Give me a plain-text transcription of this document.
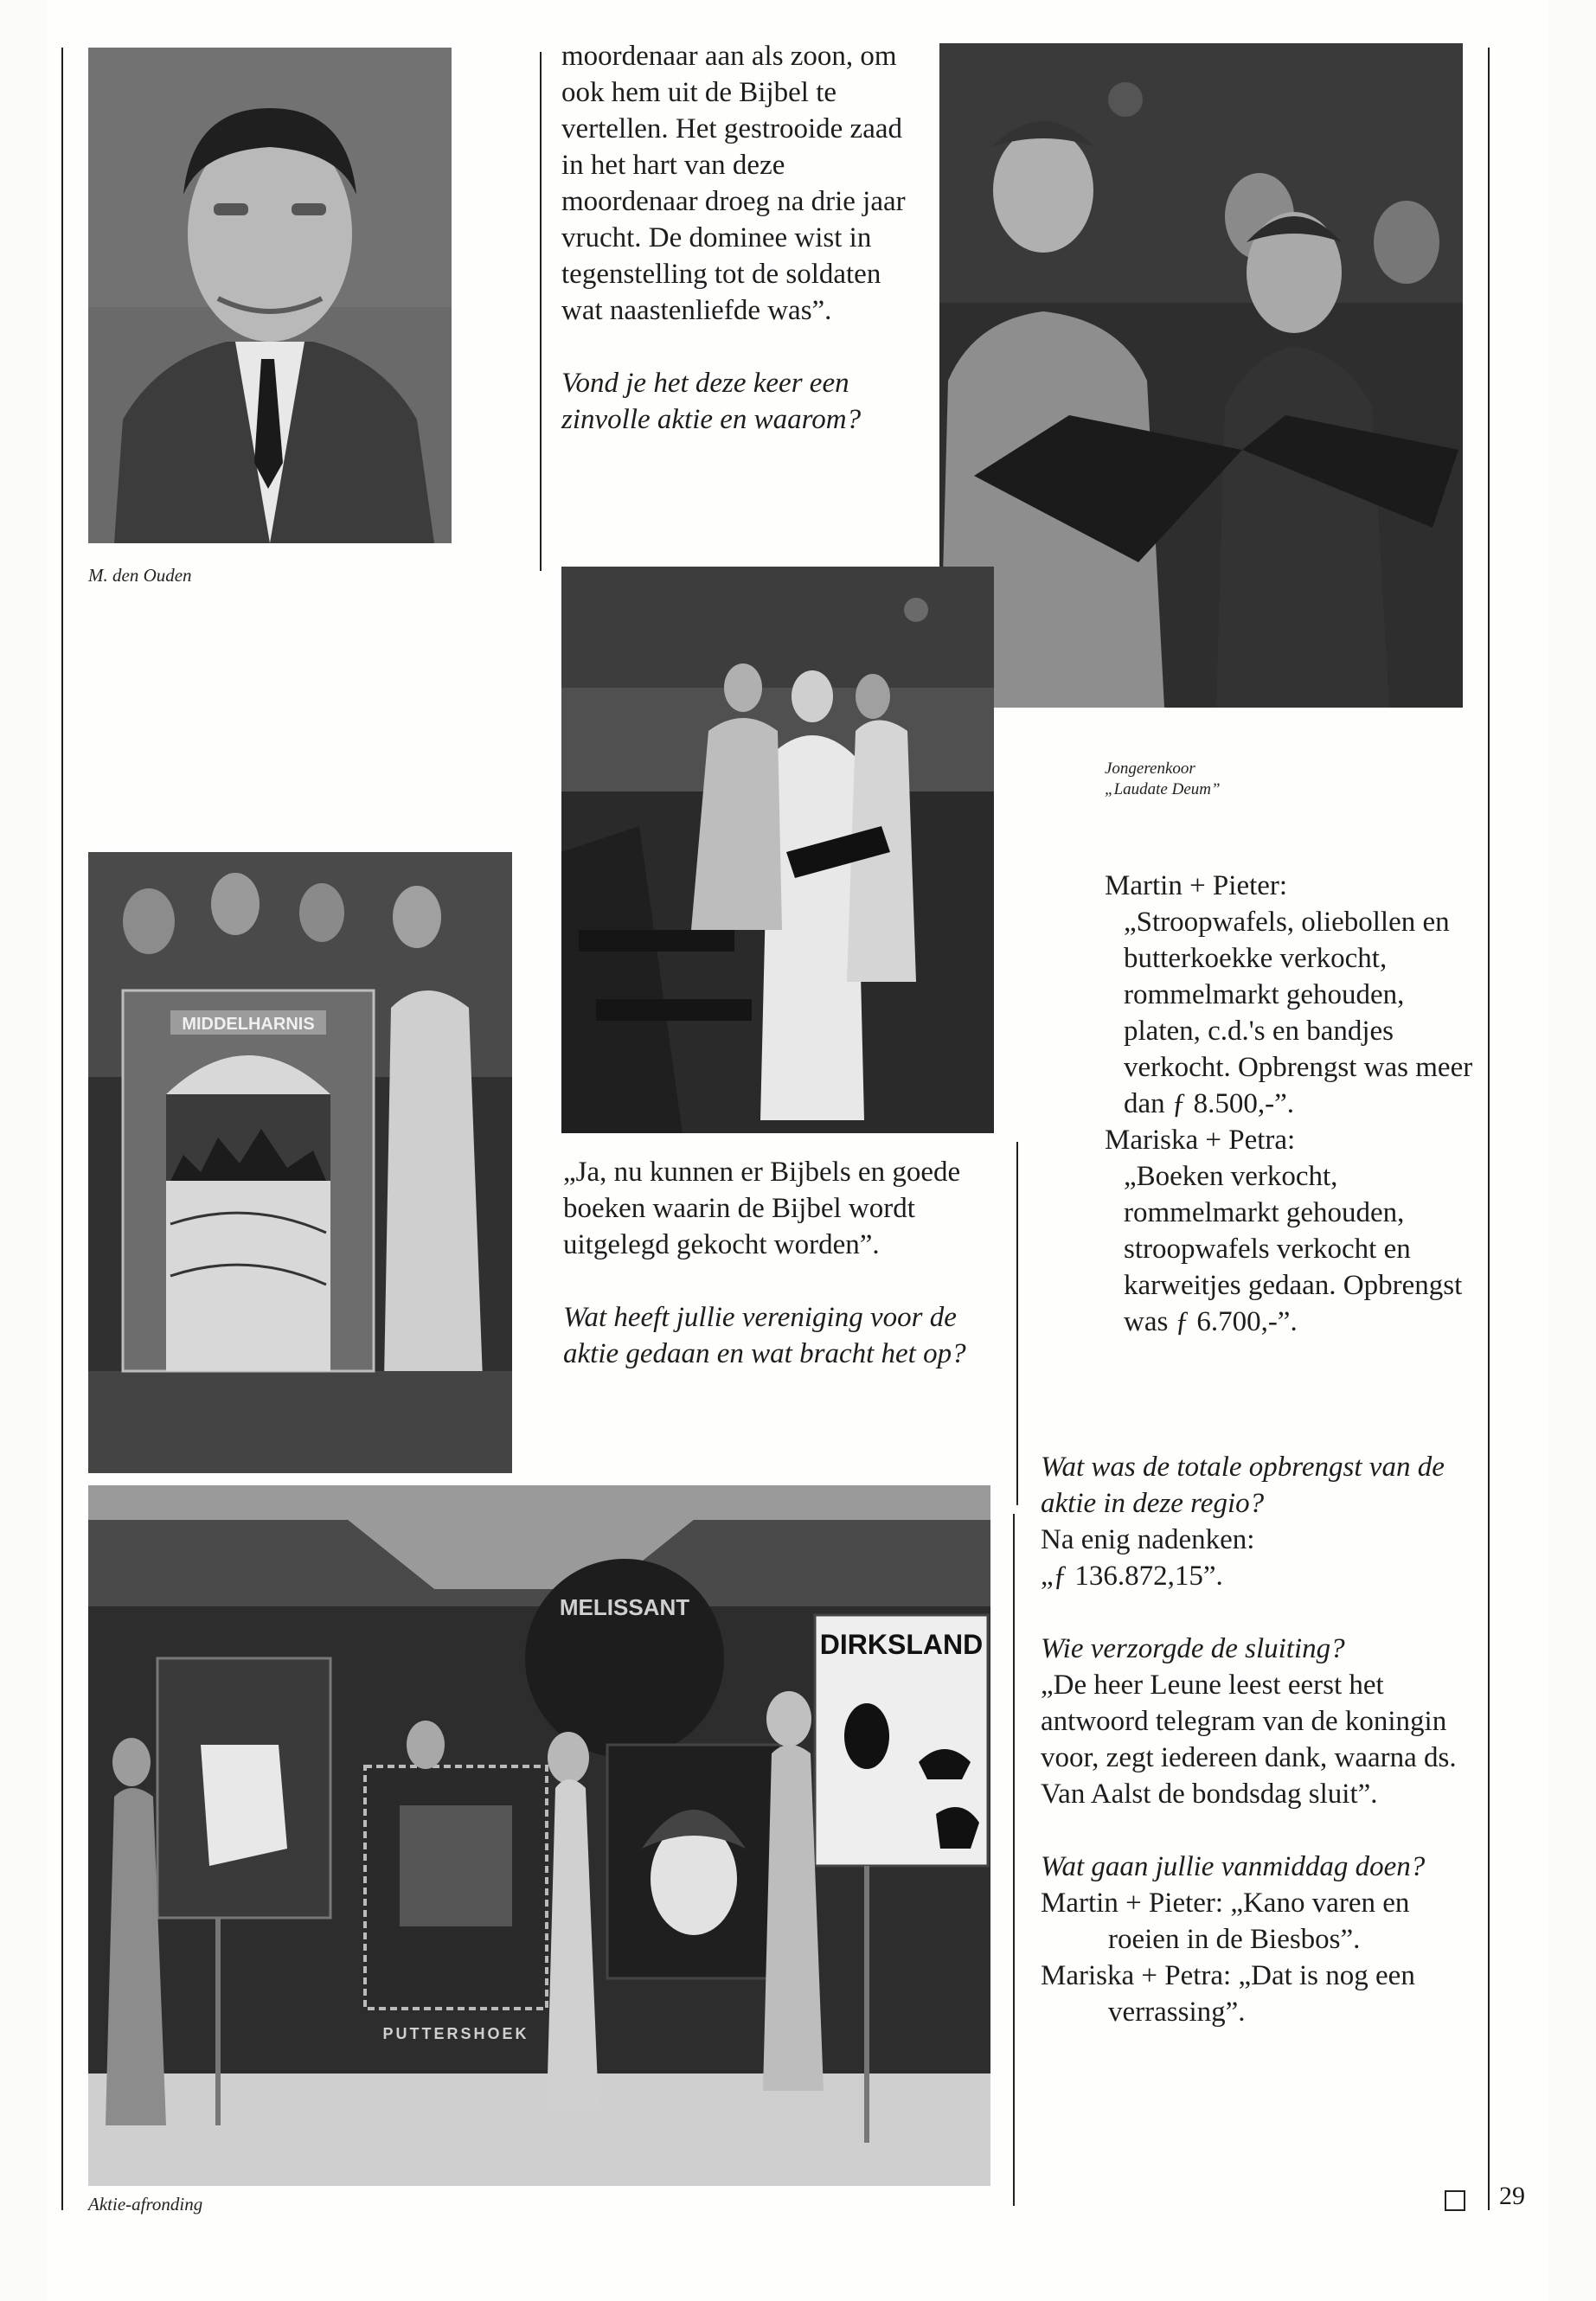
M. den Ouden

moordenaar aan als zoon, om ook hem uit de Bijbel te vertellen. Het gestrooide zaad in het hart van deze moordenaar droeg na drie jaar vrucht. De dominee wist in tegenstelling tot de soldaten wat naastenliefde was”.

Vond je het deze keer een zinvolle aktie en waarom?

Jongerenkoor
„Laudate Deum”
MIDDELHARNIS

„Ja, nu kunnen er Bijbels en goede boeken waarin de Bijbel wordt uitgelegd gekocht worden”.

Wat heeft jullie vereniging voor de aktie gedaan en wat bracht het op?

Martin + Pieter:
„Stroopwafels, oliebollen en butterkoekke verkocht, rommelmarkt gehouden, platen, c.d.'s en bandjes verkocht. Opbrengst was meer dan ƒ 8.500,-”.

Mariska + Petra:
„Boeken verkocht, rommelmarkt gehouden, stroopwafels verkocht en karweitjes gedaan. Opbrengst was ƒ 6.700,-”.

Wat was de totale opbrengst van de aktie in deze regio?
Na enig nadenken:
„ƒ 136.872,15”.

Wie verzorgde de sluiting?
„De heer Leune leest eerst het antwoord telegram van de koningin voor, zegt iedereen dank, waarna ds. Van Aalst de bondsdag sluit”.

Wat gaan jullie vanmiddag doen?
Martin + Pieter: „Kano varen en roeien in de Biesbos”.
Mariska + Petra: „Dat is nog een verrassing”.

MELISSANT
DIRKSLAND
PUTTERSHOEK
Aktie-afronding	29
